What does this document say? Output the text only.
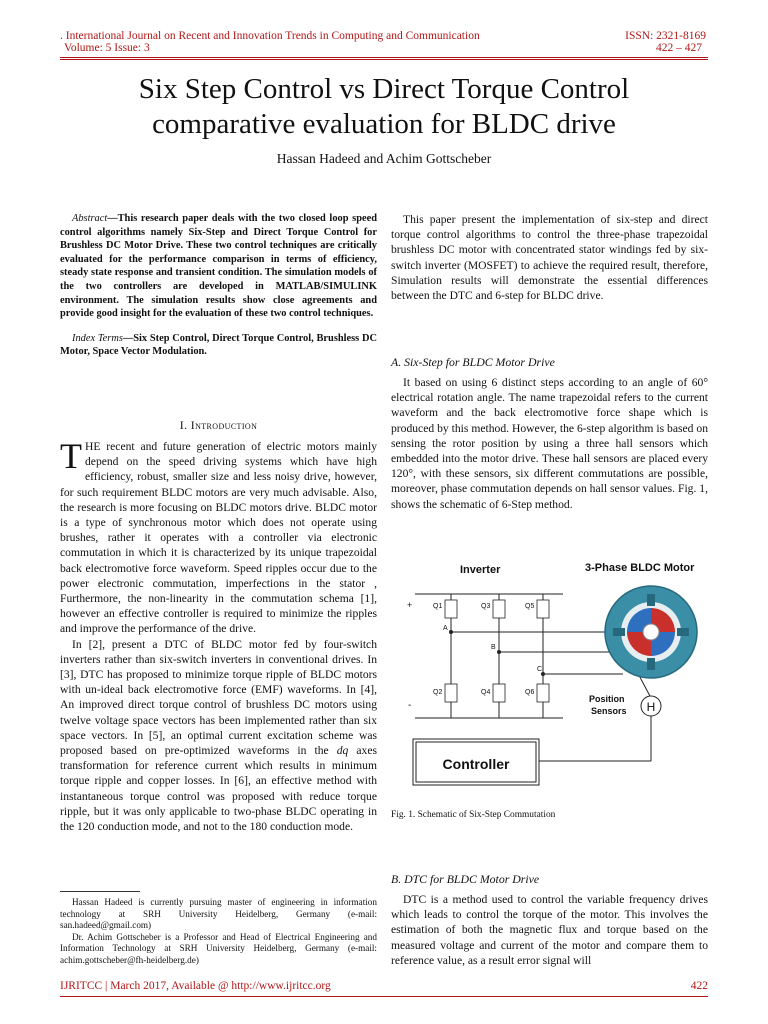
. International Journal on Recent and Innovation Trends in Computing and Communication
Volume: 5 Issue: 3
ISSN: 2321-8169
422 – 427
Six Step Control vs Direct Torque Control
comparative evaluation for BLDC drive
Hassan Hadeed and Achim Gottscheber

Abstract—This research paper deals with the two closed loop speed control algorithms namely Six-Step and Direct Torque Control for Brushless DC Motor Drive. These two control techniques are critically evaluated for the performance comparison in terms of efficiency, steady state response and transient condition. The simulation models of the two controllers are developed in MATLAB/SIMULINK environment. The simulation results show close agreements and provide good insight for the evaluation of these two control techniques.

Index Terms—Six Step Control, Direct Torque Control, Brushless DC Motor, Space Vector Modulation.

I. Introduction

THE recent and future generation of electric motors mainly depend on the speed driving systems which have high efficiency, robust, smaller size and less noisy drive, however, for such requirement BLDC motors are very much advisable. Also, the research is more focusing on BLDC motors drive. BLDC motor is a type of synchronous motor which does not operate using brushes, rather it operates with a controller via electronic commutation in which it is characterized by its unique trapezoidal back electromotive force waveform. Speed ripples occur due to the power electronic commutation, imperfections in the stator , Furthermore, the non-linearity in the commutation schema [1], however an effective controller is required to minimize the ripples and improve the performance of the drive.

In [2], present a DTC of BLDC motor fed by four-switch inverters rather than six-switch inverters in conventional drives. In [3], DTC has proposed to minimize torque ripple of BLDC motors with un-ideal back electromotive force (EMF) waveforms. In [4], An improved direct torque control of brushless DC motors using twelve voltage space vectors has been implemented rather than six space vectors. In [5], an optimal current excitation scheme was proposed based on pre-optimized waveforms in the dq axes transformation for reference current which results in minimum torque ripple and copper losses. In [6], an effective method with instantaneous torque control was proposed with reduce torque ripple, but it was only applicable to two-phase BLDC operating in the 120 conduction mode, and not to the 180 conduction mode.

Hassan Hadeed is currently pursuing master of engineering in information technology at SRH University Heidelberg, Germany (e-mail: san.hadeed@gmail.com)

Dr. Achim Gottscheber is a Professor and Head of Electrical Engineering and Information Technology at SRH University Heidelberg, Germany (e-mail: achim.gottscheber@fh-heidelberg.de)

This paper present the implementation of six-step and direct torque control algorithms to control the three-phase trapezoidal brushless DC motor with concentrated stator windings fed by six-switch inverter (MOSFET) to achieve the required result, therefore, Simulation results will demonstrate the essential differences between the DTC and 6-step for BLDC drive.

A. Six-Step for BLDC Motor Drive

It based on using 6 distinct steps according to an angle of 60° electrical rotation angle. The name trapezoidal refers to the current waveform and the back electromotive force shape which is produced by this method. However, the 6-step algorithm is based on sensing the rotor position by using a three hall sensors which embedded into the motor drive. These hall sensors are placed every 120°, with these sensors, six different commutations are possible, moreover, phase commutation depends on hall sensor values. Fig. 1, shows the schematic of 6-Step method.

Inverter	3-Phase BLDC Motor
Q1	Q3	Q5
Q2	Q4	Q6
A
B
C
+
-
Controller
H
Position
Sensors
Fig. 1. Schematic of Six-Step Commutation
B. DTC for BLDC Motor Drive

DTC is a method used to control the variable frequency drives which leads to control the torque of the motor. This involves the estimation of both the magnetic flux and torque based on the measured voltage and current of the motor and compare them to reference value, as a result error signal will

IJRITCC | March 2017, Available @ http://www.ijritcc.org	422
